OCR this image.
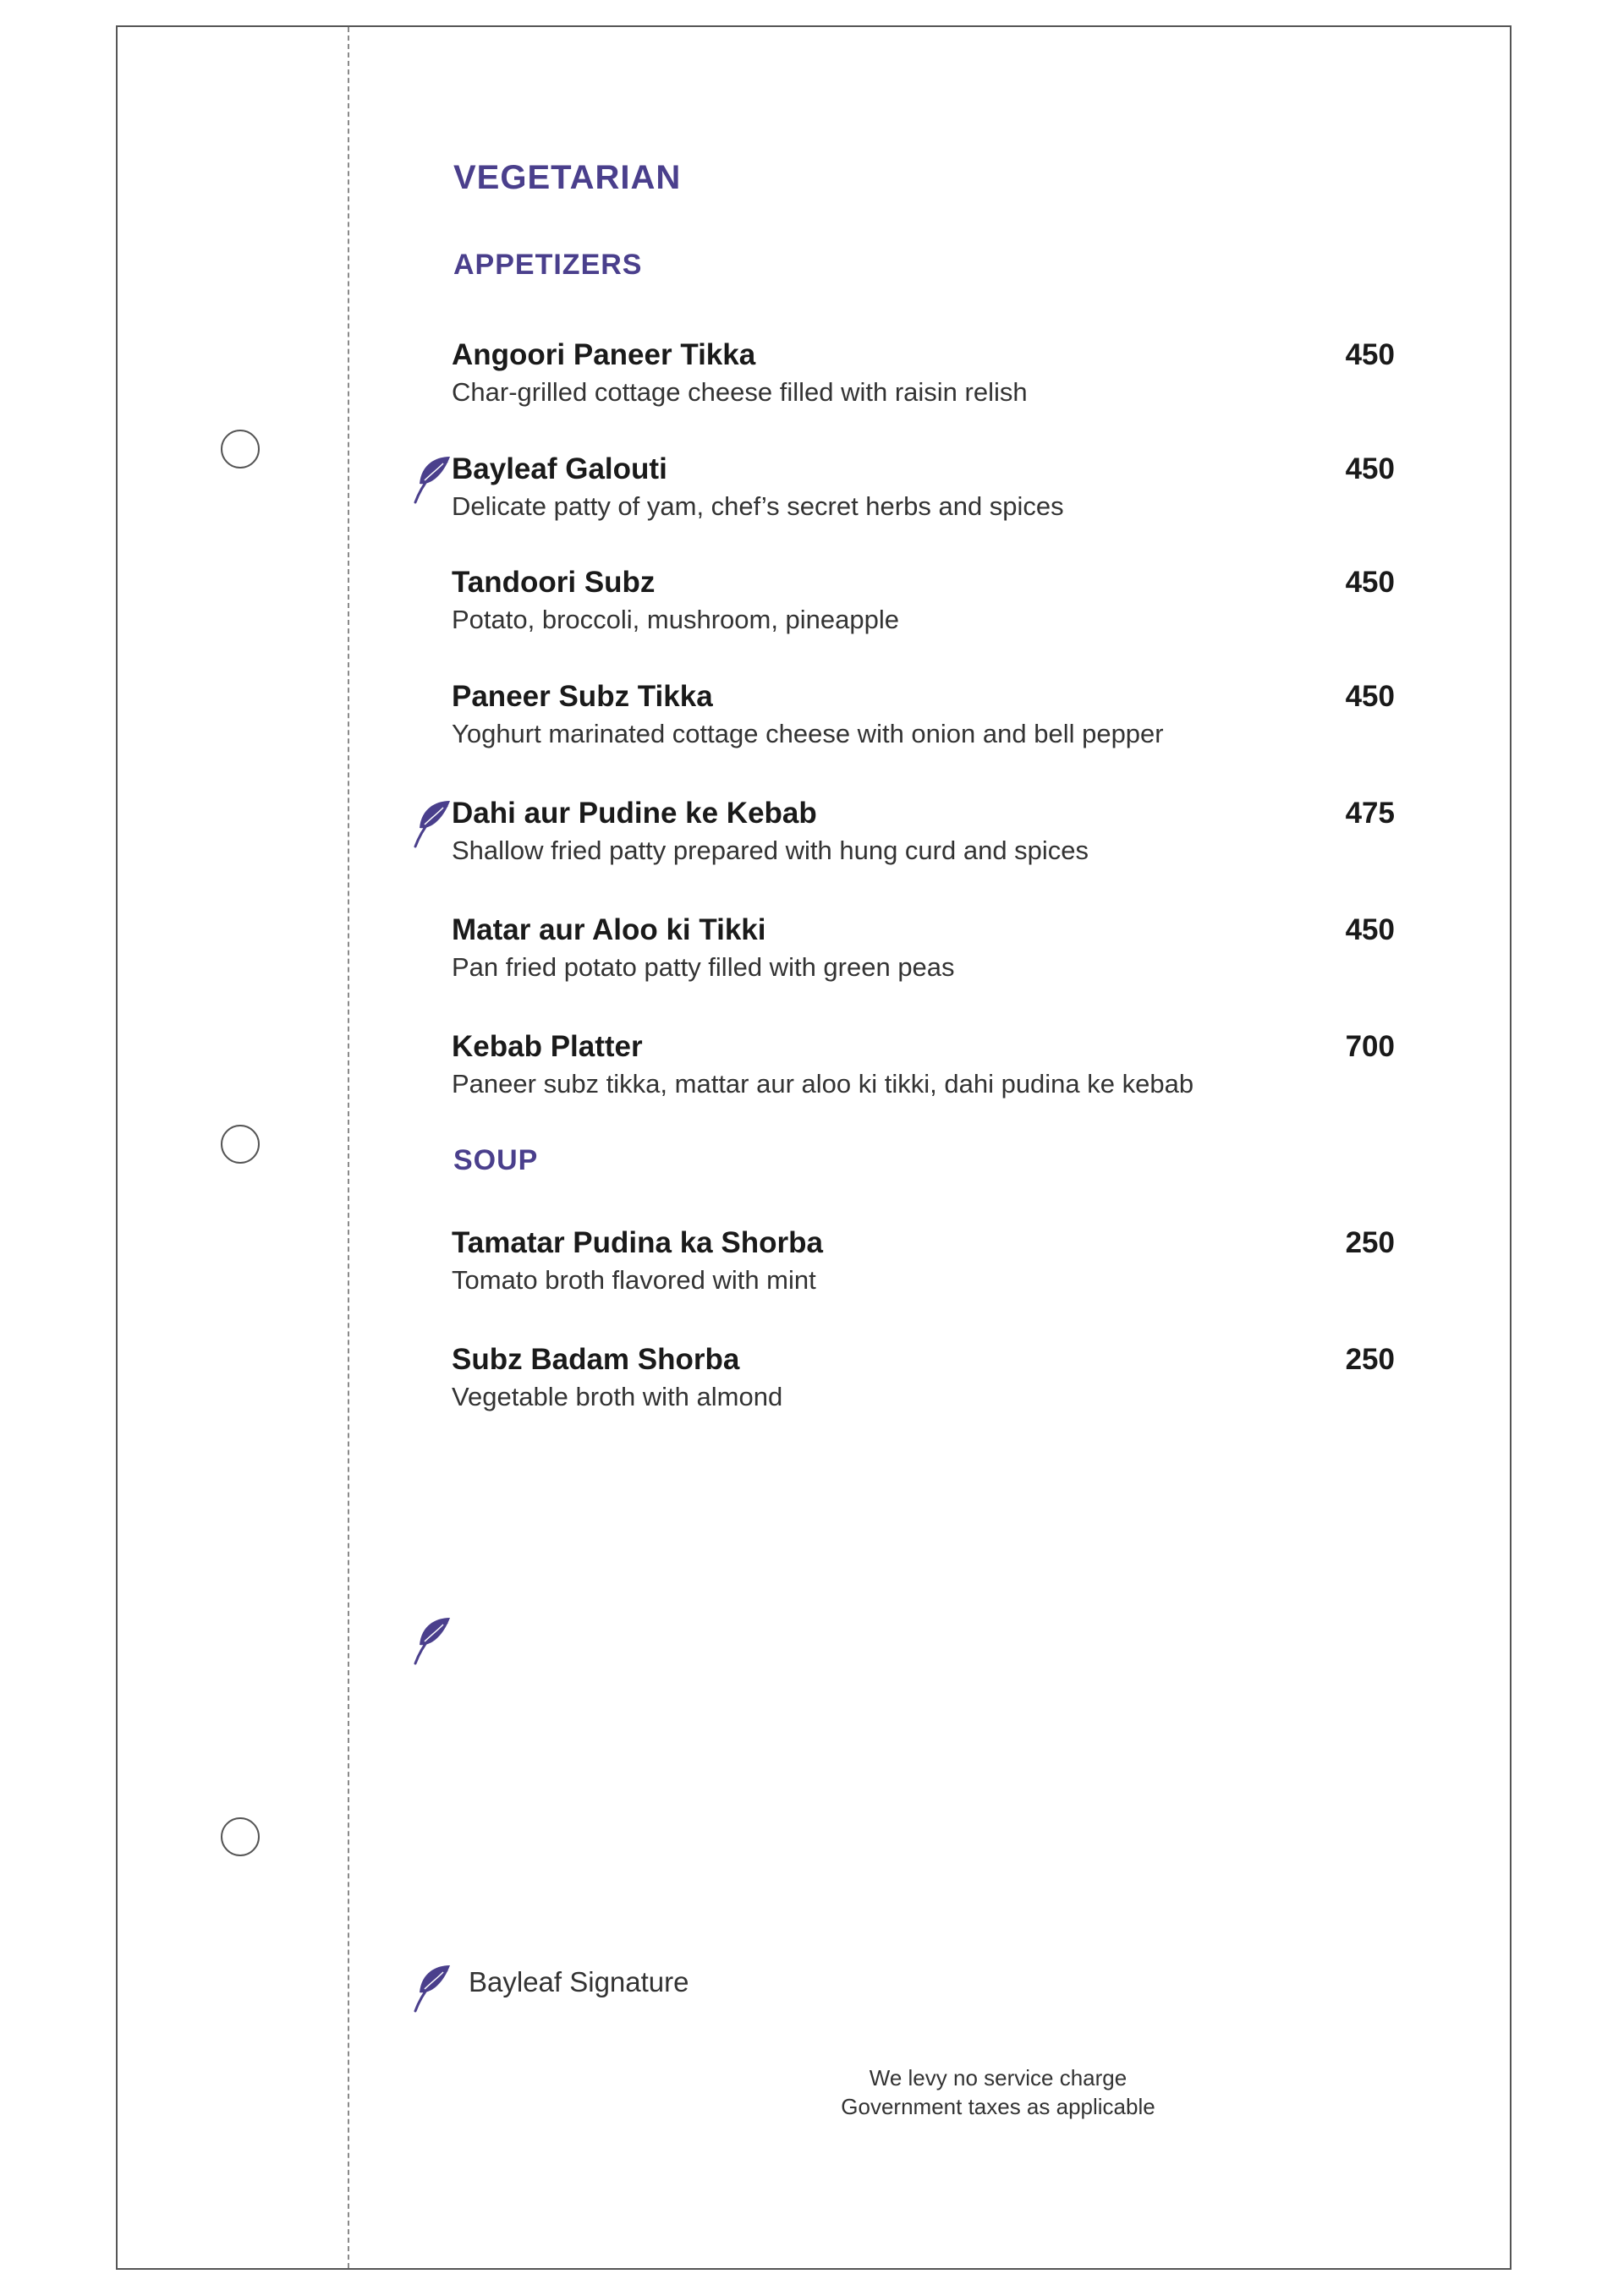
VEGETARIAN
APPETIZERS
SOUP
Angoori Paneer Tikka	450
Char-grilled cottage cheese filled with raisin relish
Bayleaf Galouti	450
Delicate patty of yam, chef’s secret herbs and spices
Tandoori Subz	450
Potato, broccoli, mushroom, pineapple
Paneer Subz Tikka	450
Yoghurt marinated cottage cheese with onion and bell pepper
Dahi aur Pudine ke Kebab	475
Shallow fried patty prepared with hung curd and spices
Matar aur Aloo ki Tikki	450
Pan fried potato patty filled with green peas
Kebab Platter	700
Paneer subz tikka, mattar aur aloo ki tikki, dahi pudina ke kebab
Tamatar Pudina ka Shorba	250
Tomato broth flavored with mint
Subz Badam Shorba	250
Vegetable broth with almond
Bayleaf Signature
We levy no service charge
Government taxes as applicable
